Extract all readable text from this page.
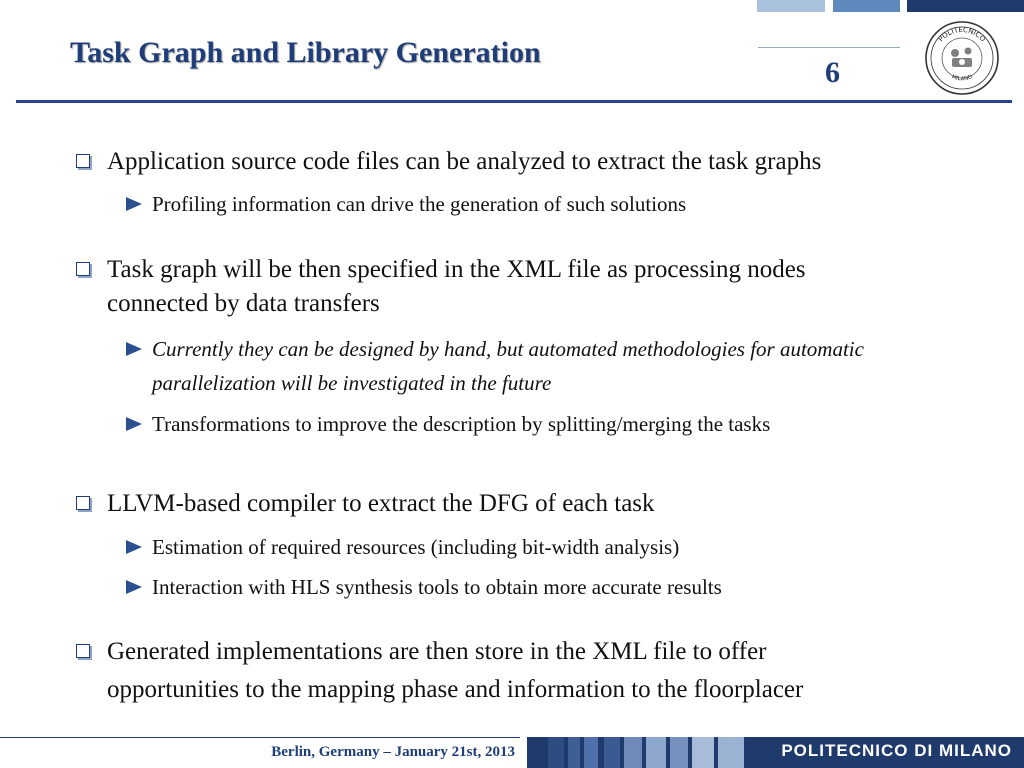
Task Graph and Library Generation
6
POLITECNICO
MILANO
Application source code files can be analyzed to extract the task graphs
Profiling information can drive the generation of such solutions
Task graph will be then specified in the XML file as processing nodes
connected by data transfers
Currently they can be designed by hand, but automated methodologies for automatic
parallelization will be investigated in the future
Transformations to improve the description by splitting/merging the tasks
LLVM-based compiler to extract the DFG of each task
Estimation of required resources (including bit-width analysis)
Interaction with HLS synthesis tools to obtain more accurate results
Generated implementations are then store in the XML file to offer
opportunities to the mapping phase and information to the floorplacer
Berlin, Germany – January 21st, 2013	POLITECNICO DI MILANO
